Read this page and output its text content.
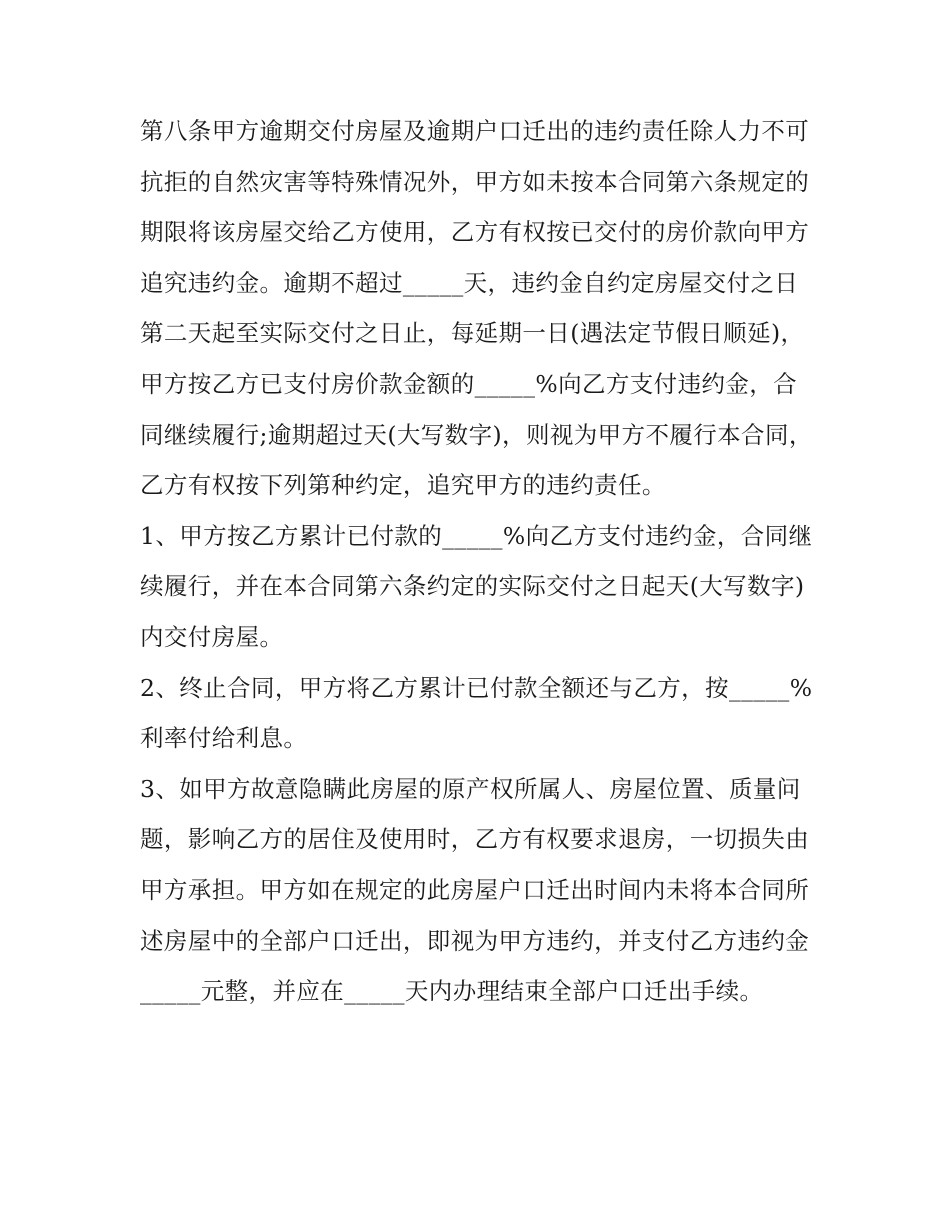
第八条甲方逾期交付房屋及逾期户口迁出的违约责任除人力不可抗拒的自然灾害等特殊情况外，甲方如未按本合同第六条规定的期限将该房屋交给乙方使用，乙方有权按已交付的房价款向甲方追究违约金。逾期不超过_____天，违约金自约定房屋交付之日第二天起至实际交付之日止，每延期一日(遇法定节假日顺延)，甲方按乙方已支付房价款金额的_____%向乙方支付违约金，合同继续履行;逾期超过天(大写数字)，则视为甲方不履行本合同，乙方有权按下列第种约定，追究甲方的违约责任。

1、甲方按乙方累计已付款的_____%向乙方支付违约金，合同继续履行，并在本合同第六条约定的实际交付之日起天(大写数字)内交付房屋。

2、终止合同，甲方将乙方累计已付款全额还与乙方，按_____%利率付给利息。

3、如甲方故意隐瞒此房屋的原产权所属人、房屋位置、质量问题，影响乙方的居住及使用时，乙方有权要求退房，一切损失由甲方承担。甲方如在规定的此房屋户口迁出时间内未将本合同所述房屋中的全部户口迁出，即视为甲方违约，并支付乙方违约金_____元整，并应在_____天内办理结束全部户口迁出手续。
